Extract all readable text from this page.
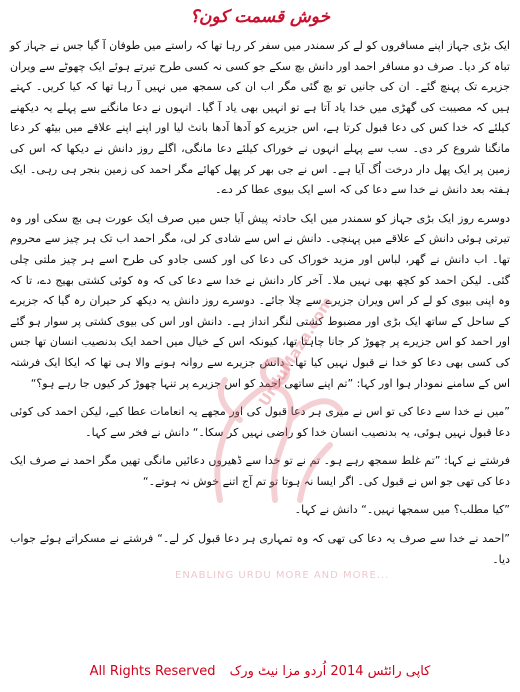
خوش قسمت کون؟

ایک بڑی جہاز اپنے مسافروں کو لے کر سمندر میں سفر کر رہا تھا کہ راستے میں طوفان آ گیا جس نے جہاز کو تباہ کر دیا۔ صرف دو مسافر احمد اور دانش بچ سکے جو کسی نہ کسی طرح تیرتے ہوئے ایک چھوٹے سے ویران جزیرے تک پہنچ گئے۔ ان کی جانیں تو بچ گئی مگر اب ان کی سمجھ میں نہیں آ رہا تھا کہ کیا کریں۔ کہتے ہیں کہ مصیبت کی گھڑی میں خدا یاد آتا ہے تو انہیں بھی یاد آ گیا۔ انہوں نے دعا مانگنے سے پہلے یہ دیکھنے کیلئے کہ خدا کس کی دعا قبول کرتا ہے، اس جزیرے کو آدھا آدھا بانٹ لیا اور اپنے اپنے علاقے میں بیٹھ کر دعا مانگنا شروع کر دی۔ سب سے پہلے انہوں نے خوراک کیلئے دعا مانگی، اگلے روز دانش نے دیکھا کہ اس کی زمین پر ایک پھل دار درخت اُگ آیا ہے۔ اس نے جی بھر کر پھل کھائے مگر احمد کی زمین بنجر ہی رہی۔ ایک ہفتہ بعد دانش نے خدا سے دعا کی کہ اسے ایک بیوی عطا کر دے۔

دوسرے روز ایک بڑی جہاز کو سمندر میں ایک حادثہ پیش آیا جس میں صرف ایک عورت ہی بچ سکی اور وہ تیرتی ہوئی دانش کے علاقے میں پہنچی۔ دانش نے اس سے شادی کر لی، مگر احمد اب تک ہر چیز سے محروم تھا۔ اب دانش نے گھر، لباس اور مزید خوراک کی دعا کی اور کسی جادو کی طرح اسے ہر چیز ملتی چلی گئی۔ لیکن احمد کو کچھ بھی نہیں ملا۔ آخر کار دانش نے خدا سے دعا کی کہ وہ کوئی کشتی بھیج دے، تا کہ وہ اپنی بیوی کو لے کر اس ویران جزیرے سے چلا جائے۔ دوسرے روز دانش یہ دیکھ کر حیران رہ گیا کہ جزیرے کے ساحل کے ساتھ ایک بڑی اور مضبوط کشتی لنگر انداز ہے۔ دانش اور اس کی بیوی کشتی پر سوار ہو گئے اور احمد کو اس جزیرے پر چھوڑ کر جانا چاہتا تھا، کیونکہ اس کے خیال میں احمد ایک بدنصیب انسان تھا جس کی کسی بھی دعا کو خدا نے قبول نہیں کیا تھا۔ دانش جزیرے سے روانہ ہونے والا ہی تھا کہ ایکا ایک فرشتہ اس کے سامنے نمودار ہوا اور کہا: ”تم اپنے ساتھی احمد کو اس جزیرے پر تنہا چھوڑ کر کیوں جا رہے ہو؟“

”میں نے خدا سے دعا کی تو اس نے میری ہر دعا قبول کی اور مجھے یہ انعامات عطا کیے، لیکن احمد کی کوئی دعا قبول نہیں ہوئی، یہ بدنصیب انسان خدا کو راضی نہیں کر سکا۔“ دانش نے فخر سے کہا۔

فرشتے نے کہا: ”تم غلط سمجھ رہے ہو۔ تم نے تو خدا سے ڈھیروں دعائیں مانگی تھیں مگر احمد نے صرف ایک دعا کی تھی جو اس نے قبول کی۔ اگر ایسا نہ ہوتا تو تم آج اتنے خوش نہ ہوتے۔“

”کیا مطلب؟ میں سمجھا نہیں۔“ دانش نے کہا۔

”احمد نے خدا سے صرف یہ دعا کی تھی کہ وہ تمہاری ہر دعا قبول کر لے۔“ فرشتے نے مسکراتے ہوئے جواب دیا۔

ENABLING URDU MORE AND MORE...
UrduMaza.com
All Rights Reserved کاپی رائٹس 2014 اُردو مزا نیٹ ورک
